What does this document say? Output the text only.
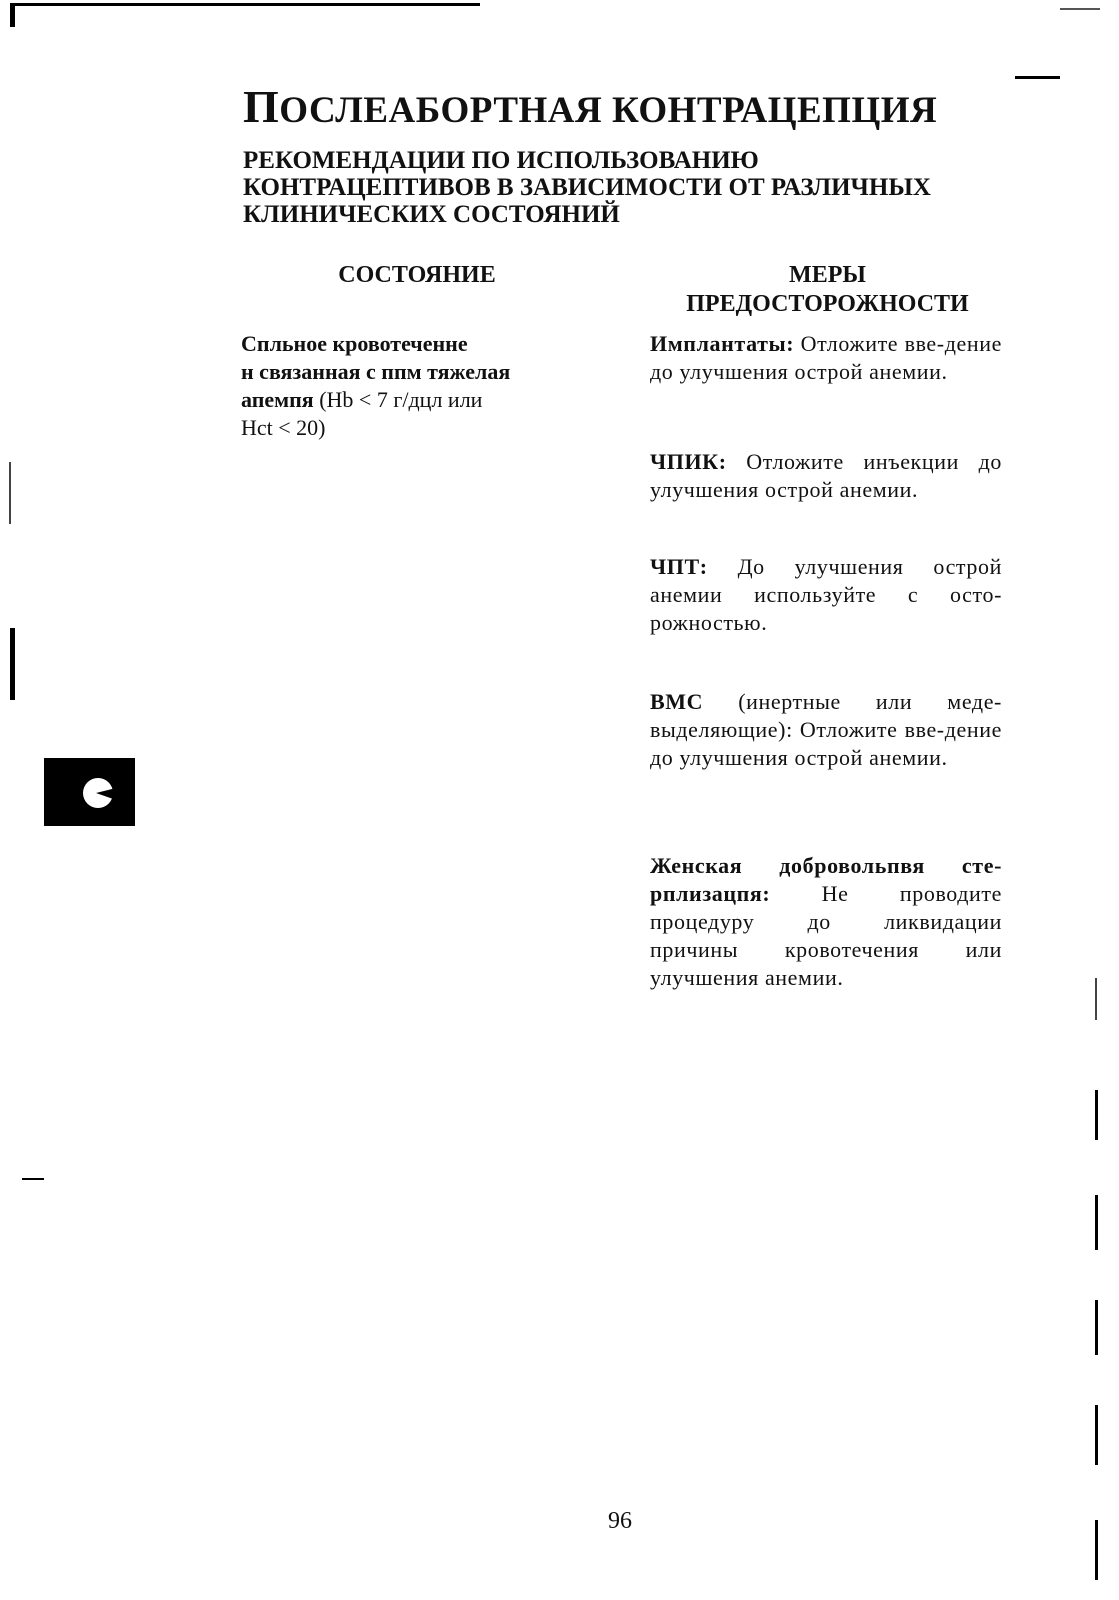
ПОСЛЕАБОРТНАЯ КОНТРАЦЕПЦИЯ
РЕКОМЕНДАЦИИ ПО ИСПОЛЬЗОВАНИЮ КОНТРАЦЕПТИВОВ В ЗАВИСИМОСТИ ОТ РАЗЛИЧНЫХ КЛИНИЧЕСКИХ СОСТОЯНИЙ
СОСТОЯНИЕ	МЕРЫ
ПРЕДОСТОРОЖНОСТИ
Спльное кровотеченне
н связанная с ппм тяжелая
апемпя (Hb < 7 г/дцл или
Hct < 20)
Имплантаты: Отложите вве-дение до улучшения острой анемии.
ЧПИК: Отложите инъекции до улучшения острой анемии.
ЧПТ: До улучшения острой анемии используйте с осто-рожностью.
ВМС (инертные или меде-выделяющие): Отложите вве-дение до улучшения острой анемии.
Женская добровольпвя сте-рплизацпя: Не проводите процедуру до ликвидации причины кровотечения или улучшения анемии.
96
